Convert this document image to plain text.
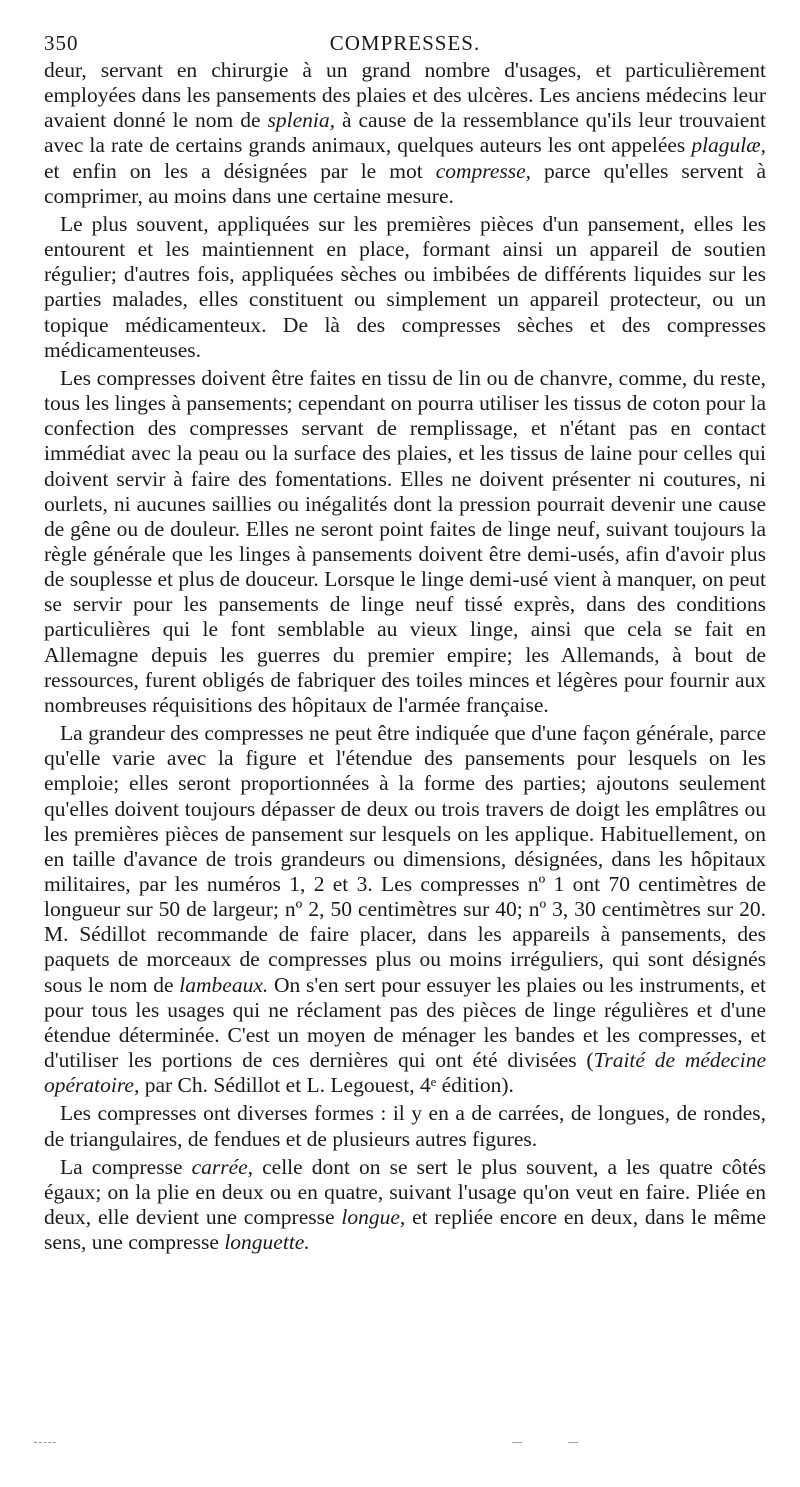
350	COMPRESSES.

deur, servant en chirurgie à un grand nombre d'usages, et particulièrement employées dans les pansements des plaies et des ulcères. Les anciens médecins leur avaient donné le nom de splenia, à cause de la ressemblance qu'ils leur trouvaient avec la rate de certains grands animaux, quelques auteurs les ont appelées plagulæ, et enfin on les a désignées par le mot compresse, parce qu'elles servent à comprimer, au moins dans une certaine mesure.

Le plus souvent, appliquées sur les premières pièces d'un pansement, elles les entourent et les maintiennent en place, formant ainsi un appareil de soutien régulier; d'autres fois, appliquées sèches ou imbibées de différents liquides sur les parties malades, elles constituent ou simplement un appareil protecteur, ou un topique médicamenteux. De là des compresses sèches et des compresses médicamenteuses.

Les compresses doivent être faites en tissu de lin ou de chanvre, comme, du reste, tous les linges à pansements; cependant on pourra utiliser les tissus de coton pour la confection des compresses servant de remplissage, et n'étant pas en contact immédiat avec la peau ou la surface des plaies, et les tissus de laine pour celles qui doivent servir à faire des fomentations. Elles ne doivent présenter ni coutures, ni ourlets, ni aucunes saillies ou inégalités dont la pression pourrait devenir une cause de gêne ou de douleur. Elles ne seront point faites de linge neuf, suivant toujours la règle générale que les linges à pansements doivent être demi-usés, afin d'avoir plus de souplesse et plus de douceur. Lorsque le linge demi-usé vient à manquer, on peut se servir pour les pansements de linge neuf tissé exprès, dans des conditions particulières qui le font semblable au vieux linge, ainsi que cela se fait en Allemagne depuis les guerres du premier empire; les Allemands, à bout de ressources, furent obligés de fabriquer des toiles minces et légères pour fournir aux nombreuses réquisitions des hôpitaux de l'armée française.

La grandeur des compresses ne peut être indiquée que d'une façon générale, parce qu'elle varie avec la figure et l'étendue des pansements pour lesquels on les emploie; elles seront proportionnées à la forme des parties; ajoutons seulement qu'elles doivent toujours dépasser de deux ou trois travers de doigt les emplâtres ou les premières pièces de pansement sur lesquels on les applique. Habituellement, on en taille d'avance de trois grandeurs ou dimensions, désignées, dans les hôpitaux militaires, par les numéros 1, 2 et 3. Les compresses nº 1 ont 70 centimètres de longueur sur 50 de largeur; nº 2, 50 centimètres sur 40; nº 3, 30 centimètres sur 20. M. Sédillot recommande de faire placer, dans les appareils à pansements, des paquets de morceaux de compresses plus ou moins irréguliers, qui sont désignés sous le nom de lambeaux. On s'en sert pour essuyer les plaies ou les instruments, et pour tous les usages qui ne réclament pas des pièces de linge régulières et d'une étendue déterminée. C'est un moyen de ménager les bandes et les compresses, et d'utiliser les portions de ces dernières qui ont été divisées (Traité de médecine opératoire, par Ch. Sédillot et L. Legouest, 4ᵉ édition).

Les compresses ont diverses formes : il y en a de carrées, de longues, de rondes, de triangulaires, de fendues et de plusieurs autres figures.

La compresse carrée, celle dont on se sert le plus souvent, a les quatre côtés égaux; on la plie en deux ou en quatre, suivant l'usage qu'on veut en faire. Pliée en deux, elle devient une compresse longue, et repliée encore en deux, dans le même sens, une compresse longuette.
